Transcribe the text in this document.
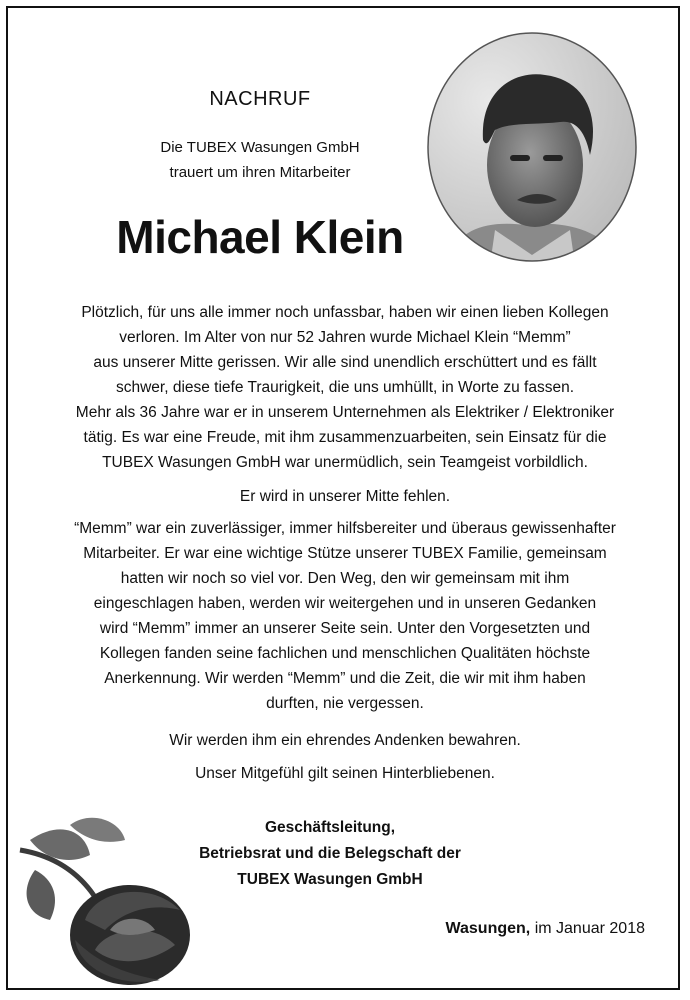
NACHRUF
Die TUBEX Wasungen GmbH
trauert um ihren Mitarbeiter
Michael Klein
Plötzlich, für uns alle immer noch unfassbar, haben wir einen lieben Kollegen
verloren. Im Alter von nur 52 Jahren wurde Michael Klein “Memm”
aus unserer Mitte gerissen. Wir alle sind unendlich erschüttert und es fällt
schwer, diese tiefe Traurigkeit, die uns umhüllt, in Worte zu fassen.
Mehr als 36 Jahre war er in unserem Unternehmen als Elektriker / Elektroniker
tätig. Es war eine Freude, mit ihm zusammenzuarbeiten, sein Einsatz für die
TUBEX Wasungen GmbH war unermüdlich, sein Teamgeist vorbildlich.
Er wird in unserer Mitte fehlen.
“Memm” war ein zuverlässiger, immer hilfsbereiter und überaus gewissenhafter
Mitarbeiter. Er war eine wichtige Stütze unserer TUBEX Familie, gemeinsam
hatten wir noch so viel vor. Den Weg, den wir gemeinsam mit ihm
eingeschlagen haben, werden wir weitergehen und in unseren Gedanken
wird “Memm” immer an unserer Seite sein. Unter den Vorgesetzten und
Kollegen fanden seine fachlichen und menschlichen Qualitäten höchste
Anerkennung. Wir werden “Memm” und die Zeit, die wir mit ihm haben
durften, nie vergessen.
Wir werden ihm ein ehrendes Andenken bewahren.
Unser Mitgefühl gilt seinen Hinterbliebenen.
Geschäftsleitung,
Betriebsrat und die Belegschaft der
TUBEX Wasungen GmbH
Wasungen, im Januar 2018
